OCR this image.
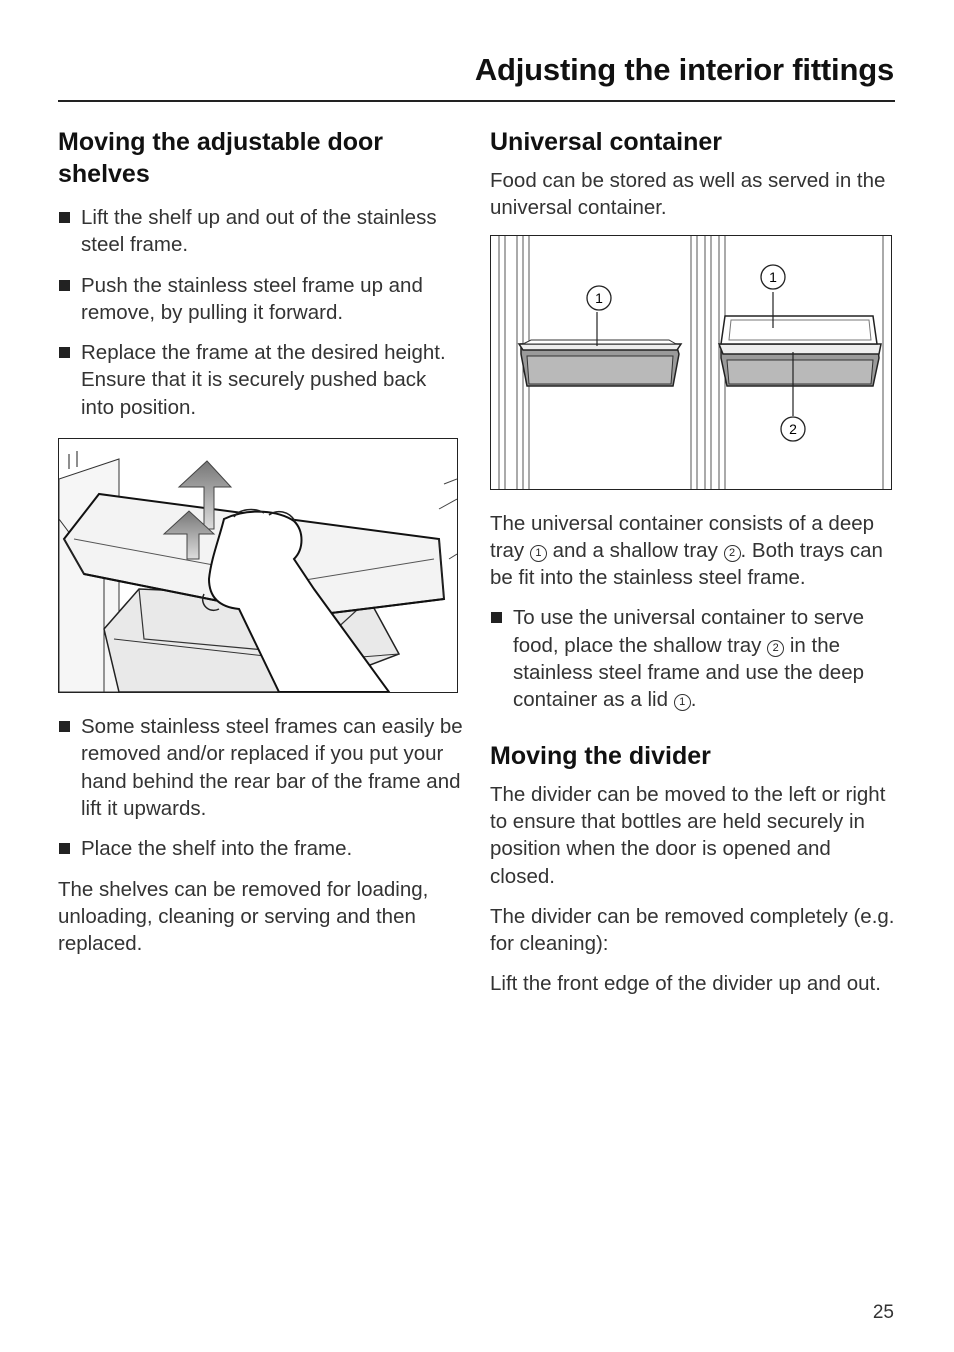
Adjusting the interior fittings
Moving the adjustable door shelves
Lift the shelf up and out of the stainless steel frame.
Push the stainless steel frame up and remove, by pulling it forward.
Replace the frame at the desired height. Ensure that it is securely pushed back into position.
Some stainless steel frames can easily be removed and/or replaced if you put your hand behind the rear bar of the frame and lift it upwards.
Place the shelf into the frame.

The shelves can be removed for loading, unloading, cleaning or serving and then replaced.

Universal container

Food can be stored as well as served in the universal container.

1
1
2

The universal container consists of a deep tray 1 and a shallow tray 2 . Both trays can be fit into the stainless steel frame.

To use the universal container to serve food, place the shallow tray 2 in the stainless steel frame and use the deep container as a lid 1 .
Moving the divider

The divider can be moved to the left or right to ensure that bottles are held securely in position when the door is opened and closed.

The divider can be removed completely (e.g. for cleaning):

Lift the front edge of the divider up and out.

25
